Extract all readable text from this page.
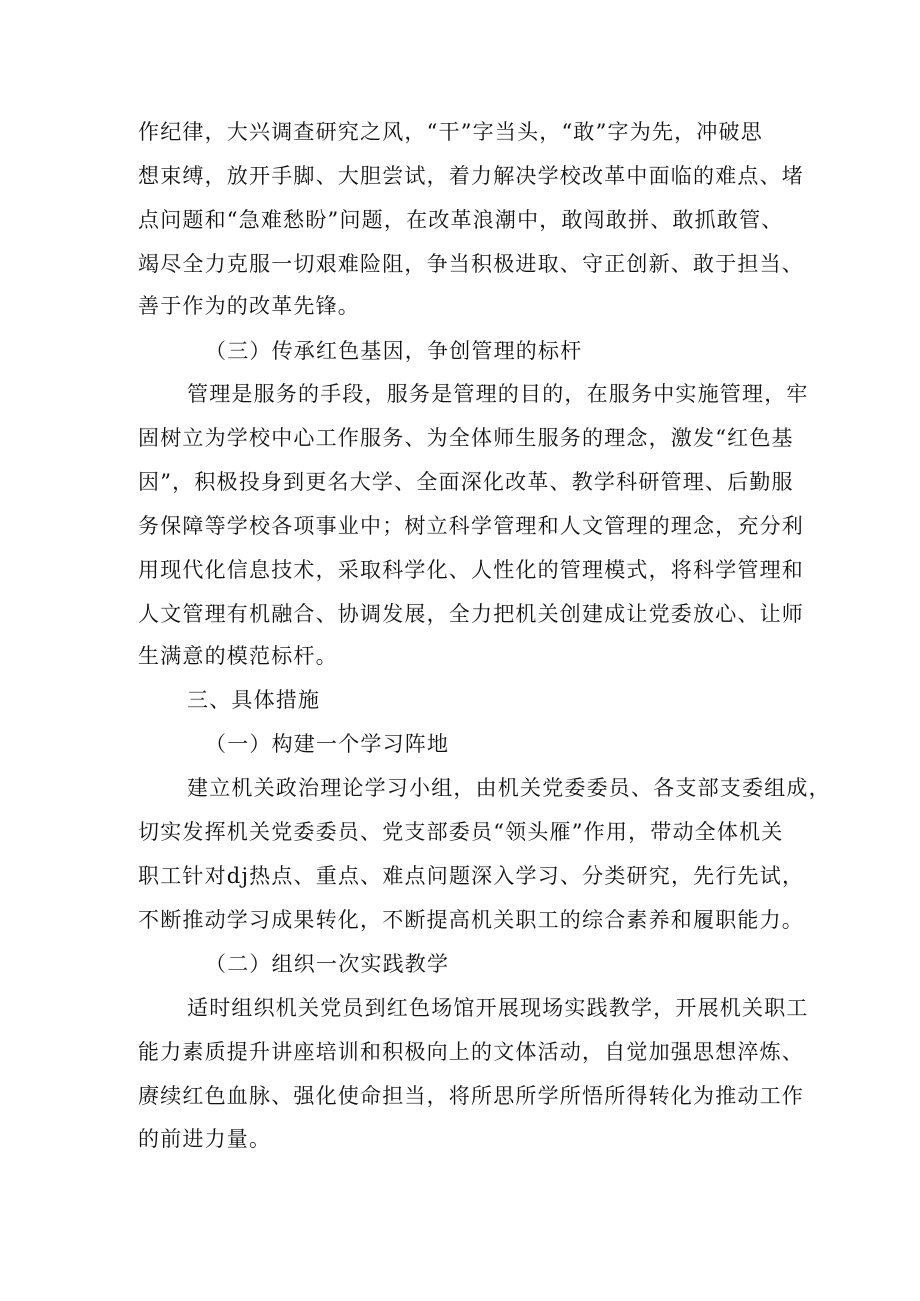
作纪律，大兴调查研究之风，“干”字当头，“敢”字为先，冲破思

想束缚，放开手脚、大胆尝试，着力解决学校改革中面临的难点、堵

点问题和“急难愁盼”问题，在改革浪潮中，敢闯敢拼、敢抓敢管、

竭尽全力克服一切艰难险阻，争当积极进取、守正创新、敢于担当、

善于作为的改革先锋。

（三）传承红色基因，争创管理的标杆

管理是服务的手段，服务是管理的目的，在服务中实施管理，牢

固树立为学校中心工作服务、为全体师生服务的理念，激发“红色基

因”，积极投身到更名大学、全面深化改革、教学科研管理、后勤服

务保障等学校各项事业中；树立科学管理和人文管理的理念，充分利

用现代化信息技术，采取科学化、人性化的管理模式，将科学管理和

人文管理有机融合、协调发展，全力把机关创建成让党委放心、让师

生满意的模范标杆。

三、具体措施

（一）构建一个学习阵地

建立机关政治理论学习小组，由机关党委委员、各支部支委组成，

切实发挥机关党委委员、党支部委员“领头雁”作用，带动全体机关

职工针对dj热点、重点、难点问题深入学习、分类研究，先行先试，

不断推动学习成果转化，不断提高机关职工的综合素养和履职能力。

（二）组织一次实践教学

适时组织机关党员到红色场馆开展现场实践教学，开展机关职工

能力素质提升讲座培训和积极向上的文体活动，自觉加强思想淬炼、

赓续红色血脉、强化使命担当，将所思所学所悟所得转化为推动工作

的前进力量。
